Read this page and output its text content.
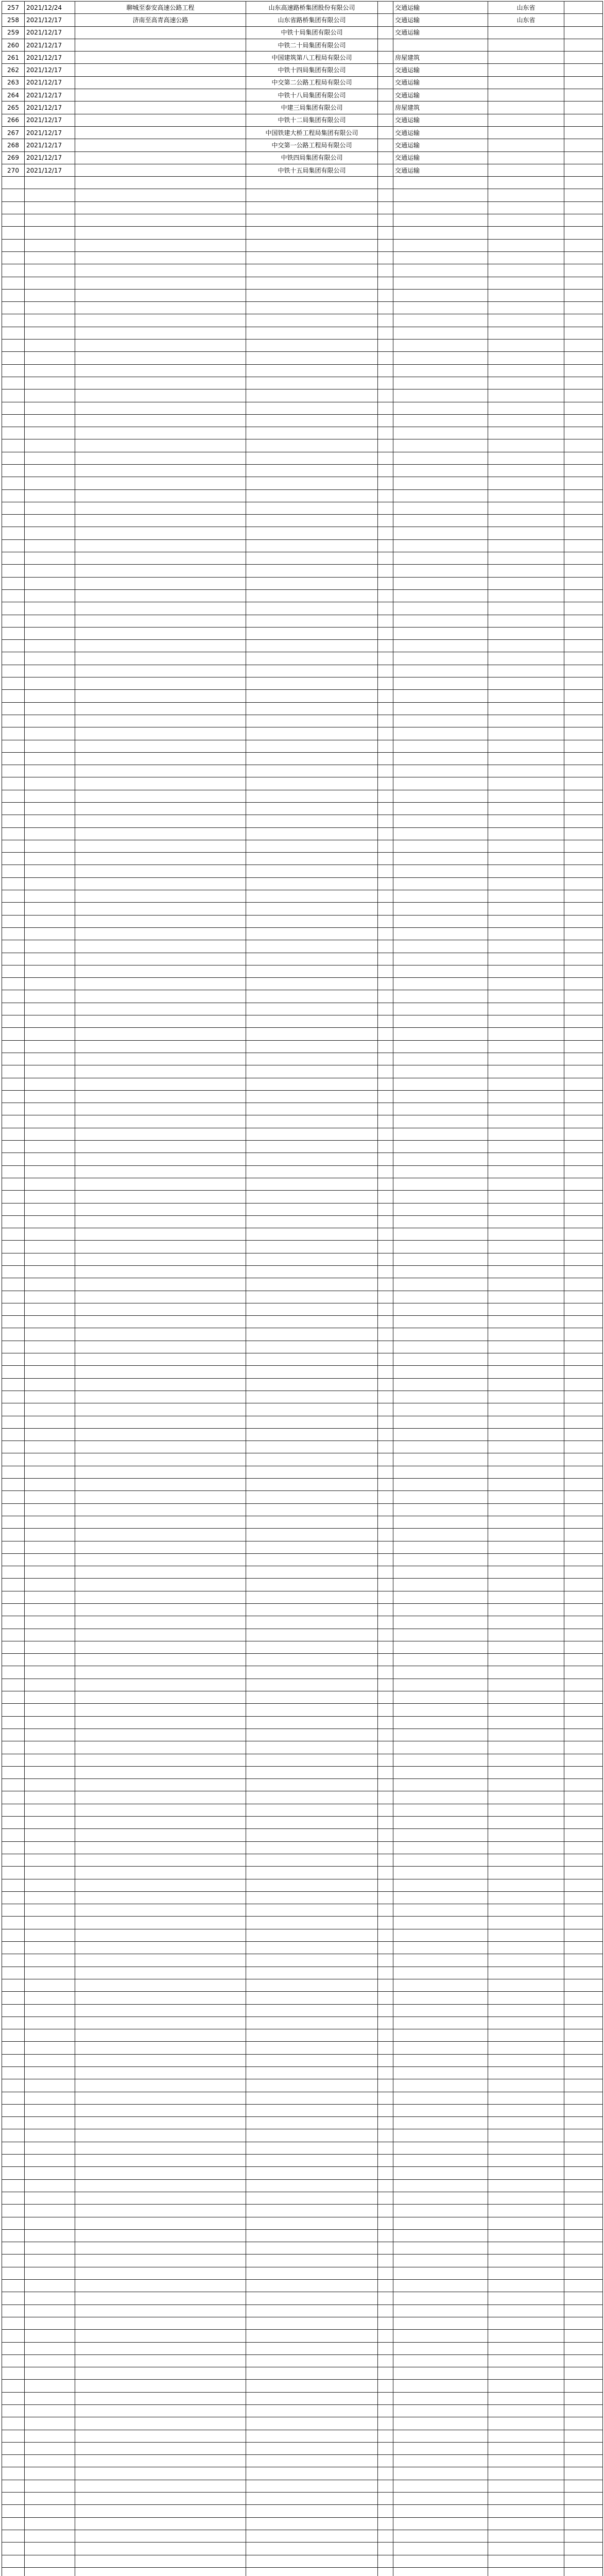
257	2021/12/24	聊城至泰安高速公路工程	山东高速路桥集团股份有限公司		交通运输	山东省	
258	2021/12/17	济南至高青高速公路	山东省路桥集团有限公司		交通运输	山东省	
259	2021/12/17		中铁十局集团有限公司		交通运输		
260	2021/12/17		中铁二十局集团有限公司				
261	2021/12/17		中国建筑第八工程局有限公司		房屋建筑		
262	2021/12/17		中铁十四局集团有限公司		交通运输		
263	2021/12/17		中交第二公路工程局有限公司		交通运输		
264	2021/12/17		中铁十八局集团有限公司		交通运输		
265	2021/12/17		中建三局集团有限公司		房屋建筑		
266	2021/12/17		中铁十二局集团有限公司		交通运输		
267	2021/12/17		中国铁建大桥工程局集团有限公司		交通运输		
268	2021/12/17		中交第一公路工程局有限公司		交通运输		
269	2021/12/17		中铁四局集团有限公司		交通运输		
270	2021/12/17		中铁十五局集团有限公司		交通运输		
